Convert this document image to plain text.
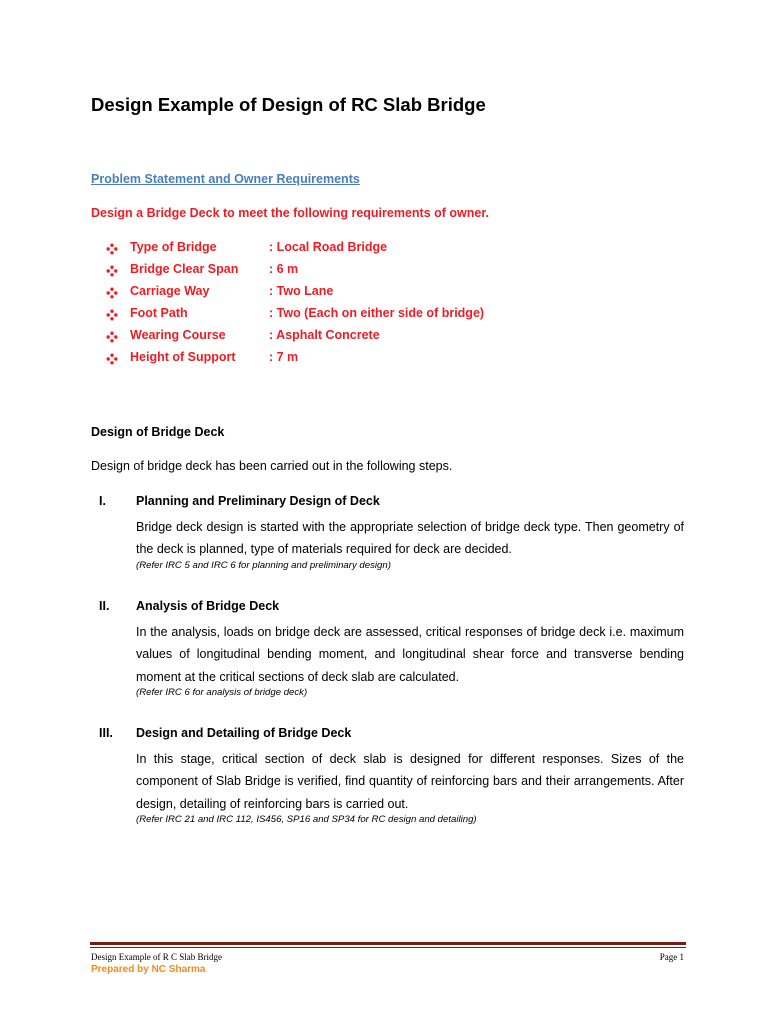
Design Example of Design of RC Slab Bridge
Problem Statement and Owner Requirements
Design a Bridge Deck to meet the following requirements of owner.
Type of Bridge	: Local Road Bridge
Bridge Clear Span : 6 m
Carriage Way	: Two Lane
Foot Path	: Two (Each on either side of bridge)
Wearing Course	: Asphalt Concrete
Height of Support	: 7 m
Design of Bridge Deck
Design of bridge deck has been carried out in the following steps.
I. Planning and Preliminary Design of Deck
Bridge deck design is started with the appropriate selection of bridge deck type. Then geometry of the deck is planned, type of materials required for deck are decided.
(Refer IRC 5 and IRC 6 for planning and preliminary design)
II. Analysis of Bridge Deck
In the analysis, loads on bridge deck are assessed, critical responses of bridge deck i.e. maximum values of longitudinal bending moment, and longitudinal shear force and transverse bending moment at the critical sections of deck slab are calculated.
(Refer IRC 6 for analysis of bridge deck)
III. Design and Detailing of Bridge Deck
In this stage, critical section of deck slab is designed for different responses. Sizes of the component of Slab Bridge is verified, find quantity of reinforcing bars and their arrangements. After design, detailing of reinforcing bars is carried out.
(Refer IRC 21 and IRC 112, IS456, SP16 and SP34 for RC design and detailing)
Design Example of R C Slab Bridge	Page 1
Prepared by NC Sharma
